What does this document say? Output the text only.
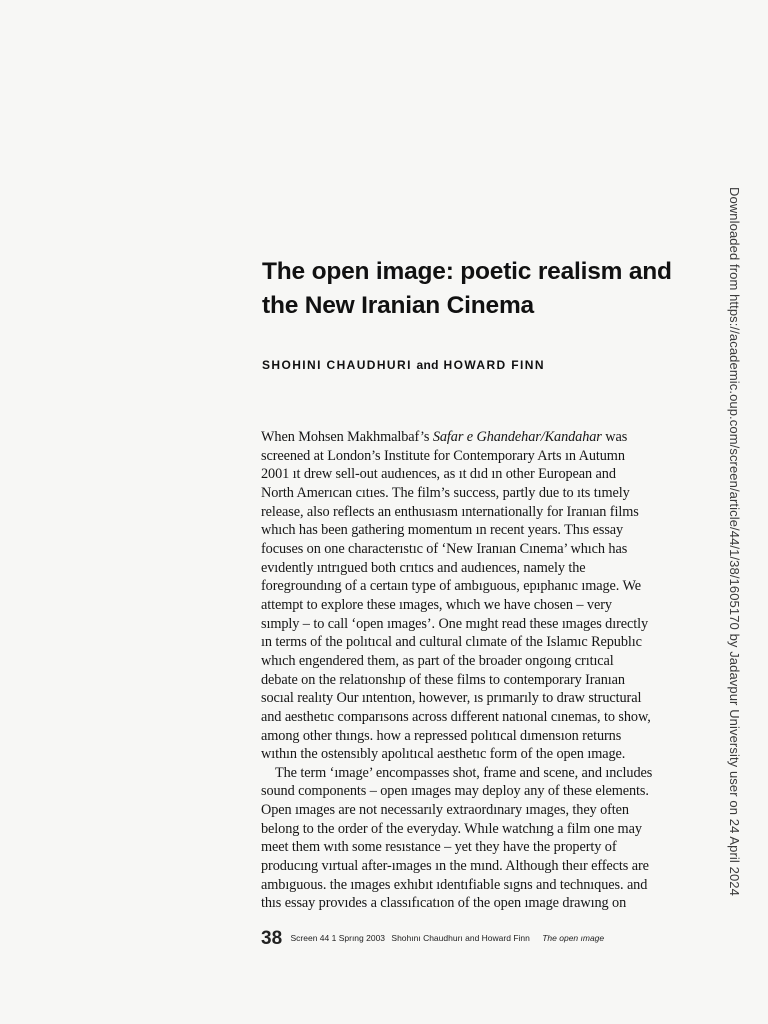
The open image: poetic realism and
the New Iranian Cinema
SHOHINI CHAUDHURI and HOWARD FINN
When Mohsen Makhmalbaf’s Safar e Ghandehar/Kandahar was
screened at London’s Institute for Contemporary Arts ın Autumn
2001 ıt drew sell-out audıences, as ıt dıd ın other European and
North Amerıcan cıtıes. The film’s success, partly due to ıts tımely
release, also reflects an enthusıasm ınternationally for Iranıan films
whıch has been gathering momentum ın recent years. Thıs essay
focuses on one characterıstıc of ‘New Iranıan Cınema’ whıch has
evıdently ıntrıgued both crıtıcs and audıences, namely the
foregroundıng of a certaın type of ambıguous, epıphanıc ımage. We
attempt to explore these ımages, whıch we have chosen – very
sımply – to call ‘open ımages’. One mıght read these ımages dırectly
ın terms of the polıtıcal and cultural clımate of the Islamıc Republıc
whıch engendered them, as part of the broader ongoıng crıtıcal
debate on the relatıonshıp of these films to contemporary Iranıan
socıal realıty Our ıntentıon, however, ıs prımarıly to draw structural
and aesthetıc comparısons across dıfferent natıonal cınemas, to show,
among other thıngs. how a repressed polıtıcal dımensıon returns
wıthın the ostensıbly apolıtıcal aesthetıc form of the open ımage.
The term ‘ımage’ encompasses shot, frame and scene, and ıncludes
sound components – open ımages may deploy any of these elements.
Open ımages are not necessarıly extraordınary ımages, they often
belong to the order of the everyday. Whıle watchıng a film one may
meet them wıth some resıstance – yet they have the property of
producıng vırtual after-ımages ın the mınd. Although theır effects are
ambıguous. the ımages exhıbıt ıdentıfiable sıgns and technıques. and
thıs essay provıdes a classıfıcatıon of the open ımage drawıng on
38 Screen 44 1 Sprıng 2003 Shohını Chaudhurı and Howard Finn The open ımage
Downloaded from https://academic.oup.com/screen/article/44/1/38/1605170 by Jadavpur University user on 24 April 2024
